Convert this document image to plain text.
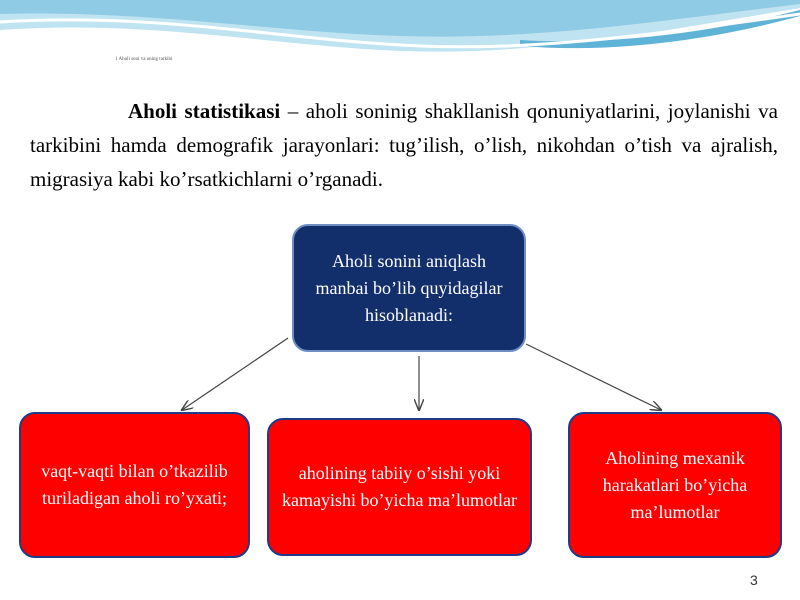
1 Aholi soni va uning tarkibi

Aholi statistikasi – aholi soninig shakllanish qonuniyatlarini, joylanishi va tarkibini hamda demografik jarayonlari: tug’ilish, o’lish, nikohdan o’tish va ajralish, migrasiya kabi ko’rsatkichlarni o’rganadi.

Aholi sonini aniqlash manbai bo’lib quyidagilar hisoblanadi:
vaqt-vaqti bilan o’tkazilib turiladigan aholi ro’yxati;
aholining tabiiy o’sishi yoki kamayishi bo’yicha ma’lumotlar
Aholining mexanik harakatlari bo’yicha ma’lumotlar
3
